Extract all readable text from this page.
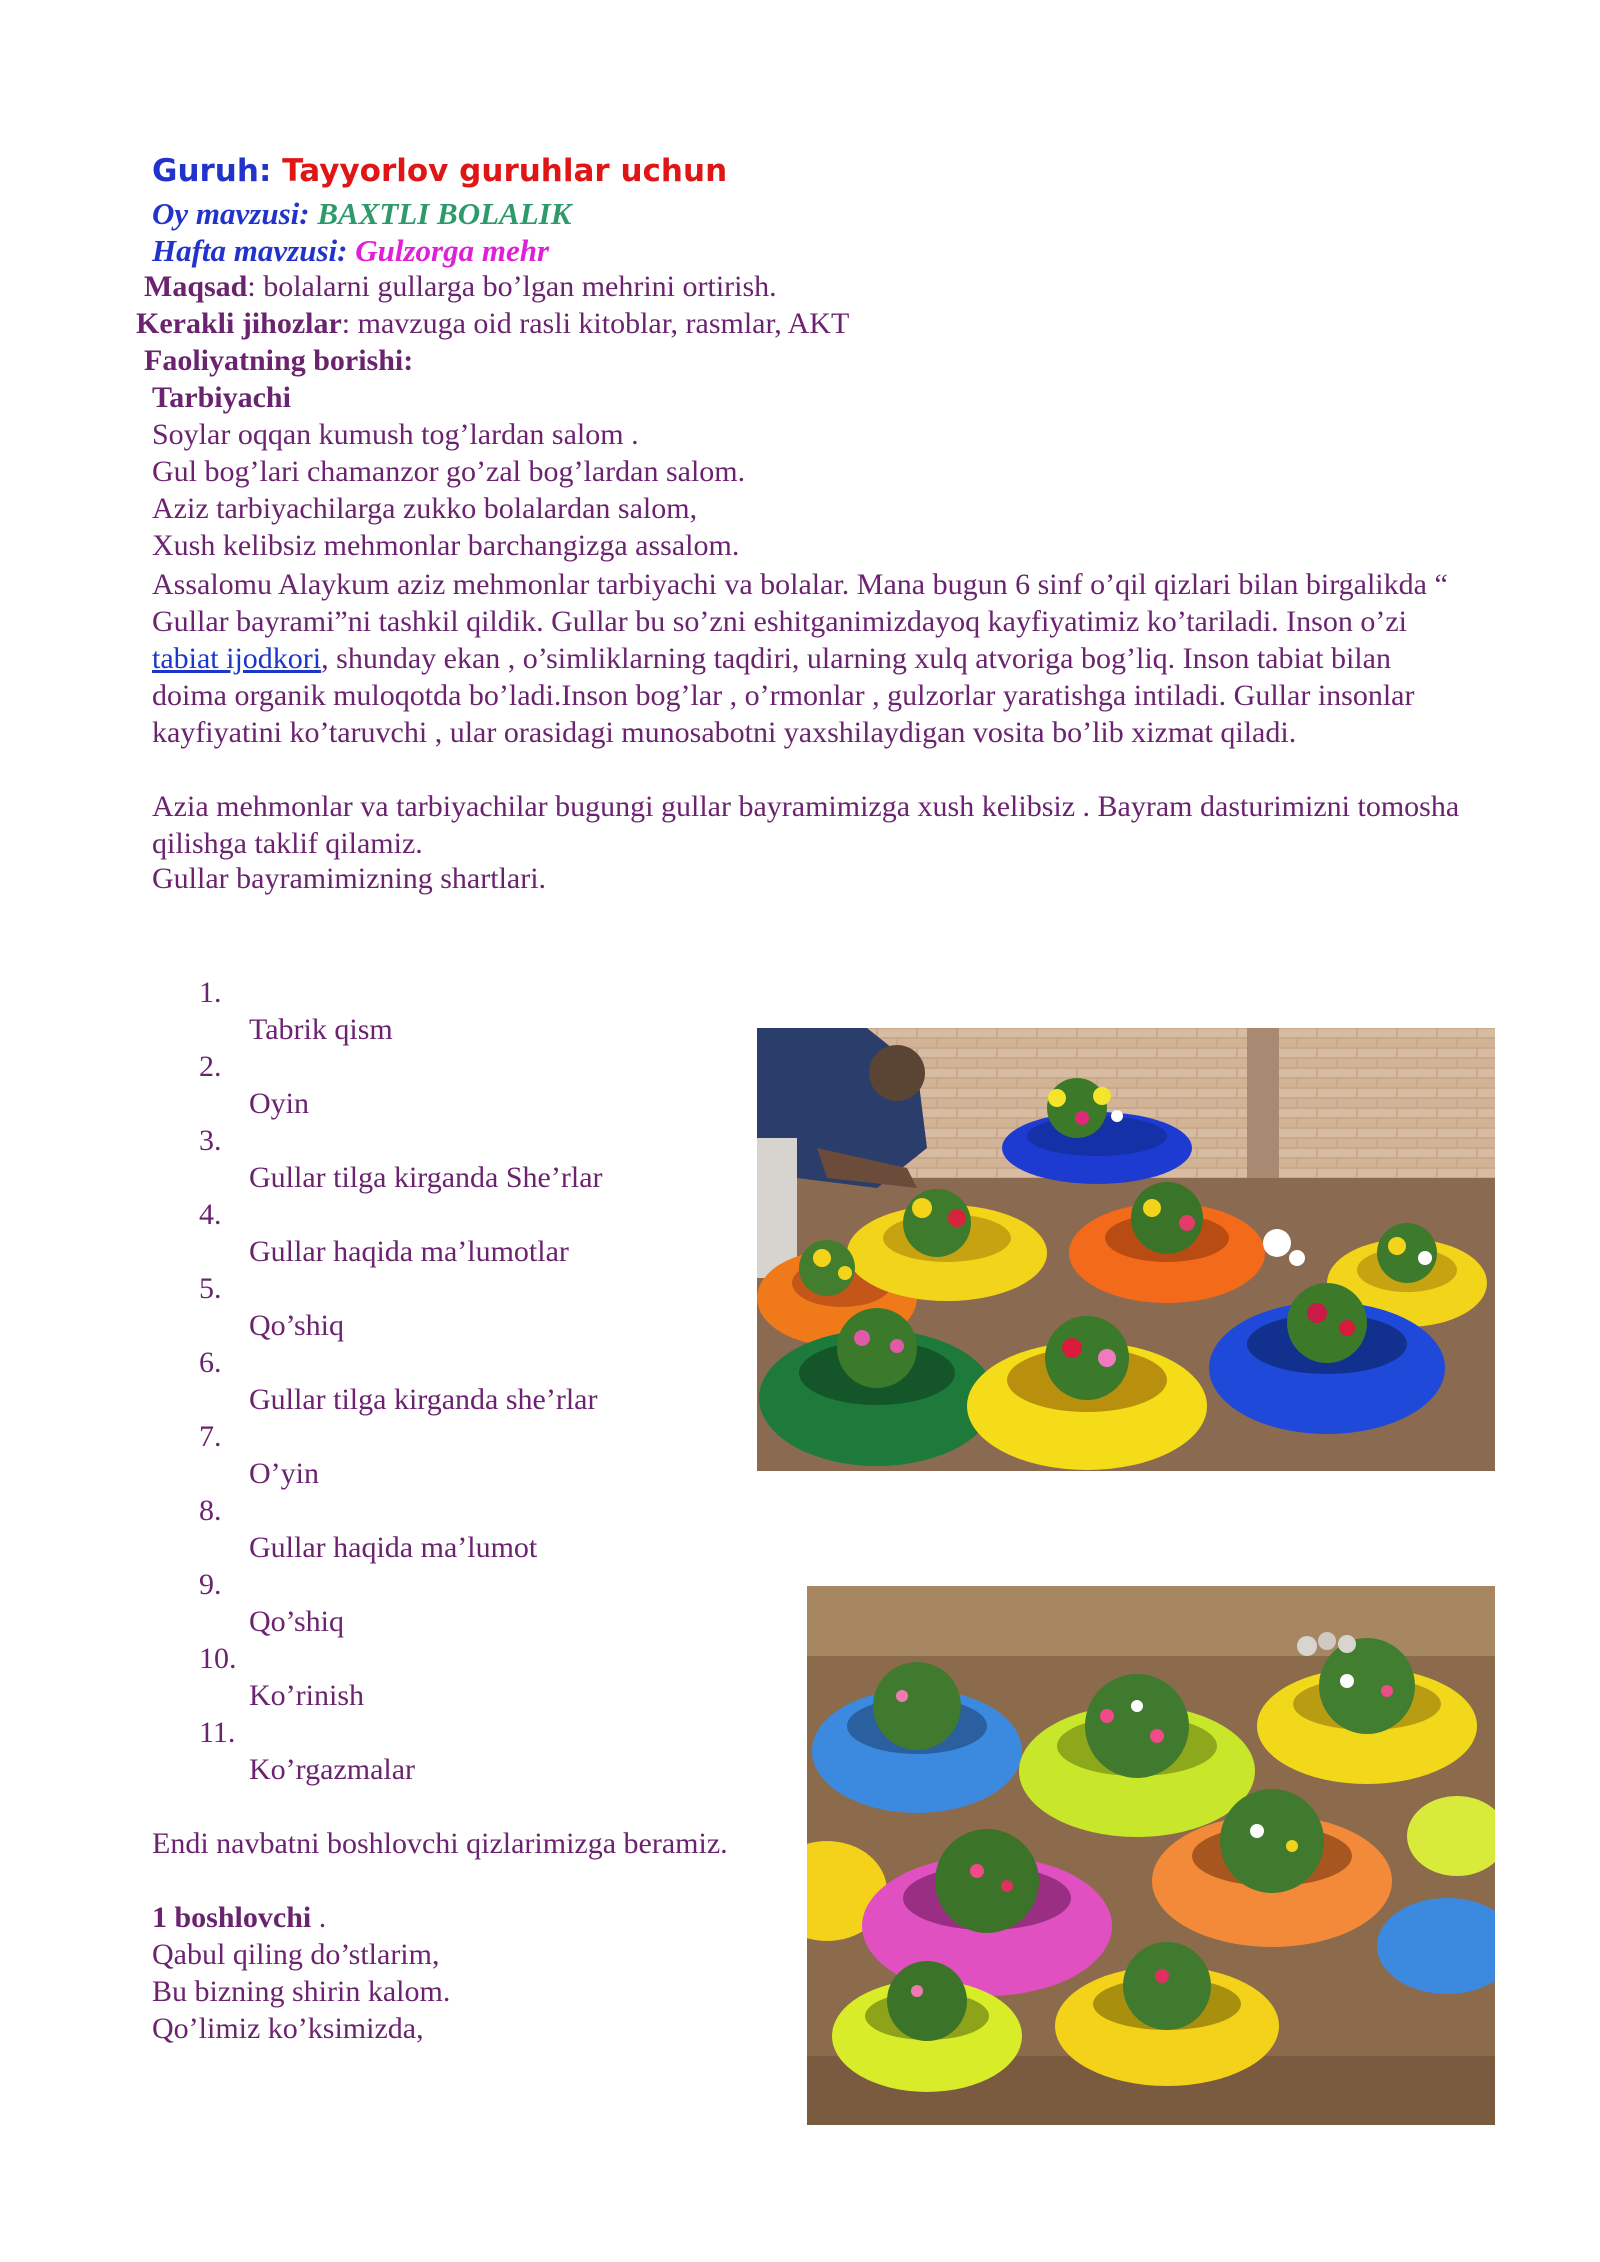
Guruh: Tayyorlov guruhlar uchun
Oy mavzusi: BAXTLI BOLALIK
Hafta mavzusi: Gulzorga mehr
Maqsad: bolalarni gullarga bo’lgan mehrini ortirish.
Kerakli jihozlar: mavzuga oid rasli kitoblar, rasmlar, AKT
Faoliyatning borishi:
Tarbiyachi
Soylar oqqan kumush tog’lardan salom .
Gul bog’lari chamanzor go’zal bog’lardan salom.
Aziz tarbiyachilarga zukko bolalardan salom,
Xush kelibsiz mehmonlar barchangizga assalom.
Assalomu Alaykum aziz mehmonlar tarbiyachi va bolalar. Mana bugun 6 sinf o’qil qizlari bilan birgalikda “ Gullar bayrami”ni tashkil qildik. Gullar bu so’zni eshitganimizdayoq kayfiyatimiz ko’tariladi. Inson o’zi tabiat ijodkori, shunday ekan , o’simliklarning taqdiri, ularning xulq atvoriga bog’liq. Inson tabiat bilan doima organik muloqotda bo’ladi.Inson bog’lar , o’rmonlar , gulzorlar yaratishga intiladi. Gullar insonlar kayfiyatini ko’taruvchi , ular orasidagi munosabotni yaxshilaydigan vosita bo’lib xizmat qiladi.
Azia mehmonlar va tarbiyachilar bugungi gullar bayramimizga xush kelibsiz . Bayram dasturimizni tomosha qilishga taklif qilamiz.
Gullar bayramimizning shartlari.
1.
Tabrik qism
2.
Oyin
3.
Gullar tilga kirganda She’rlar
4.
Gullar haqida ma’lumotlar
5.
Qo’shiq
6.
Gullar tilga kirganda she’rlar
7.
O’yin
8.
Gullar haqida ma’lumot
9.
Qo’shiq
10.
Ko’rinish
11.
Ko’rgazmalar
Endi navbatni boshlovchi qizlarimizga beramiz.
1 boshlovchi .
Qabul qiling do’stlarim,
Bu bizning shirin kalom.
Qo’limiz ko’ksimizda,
